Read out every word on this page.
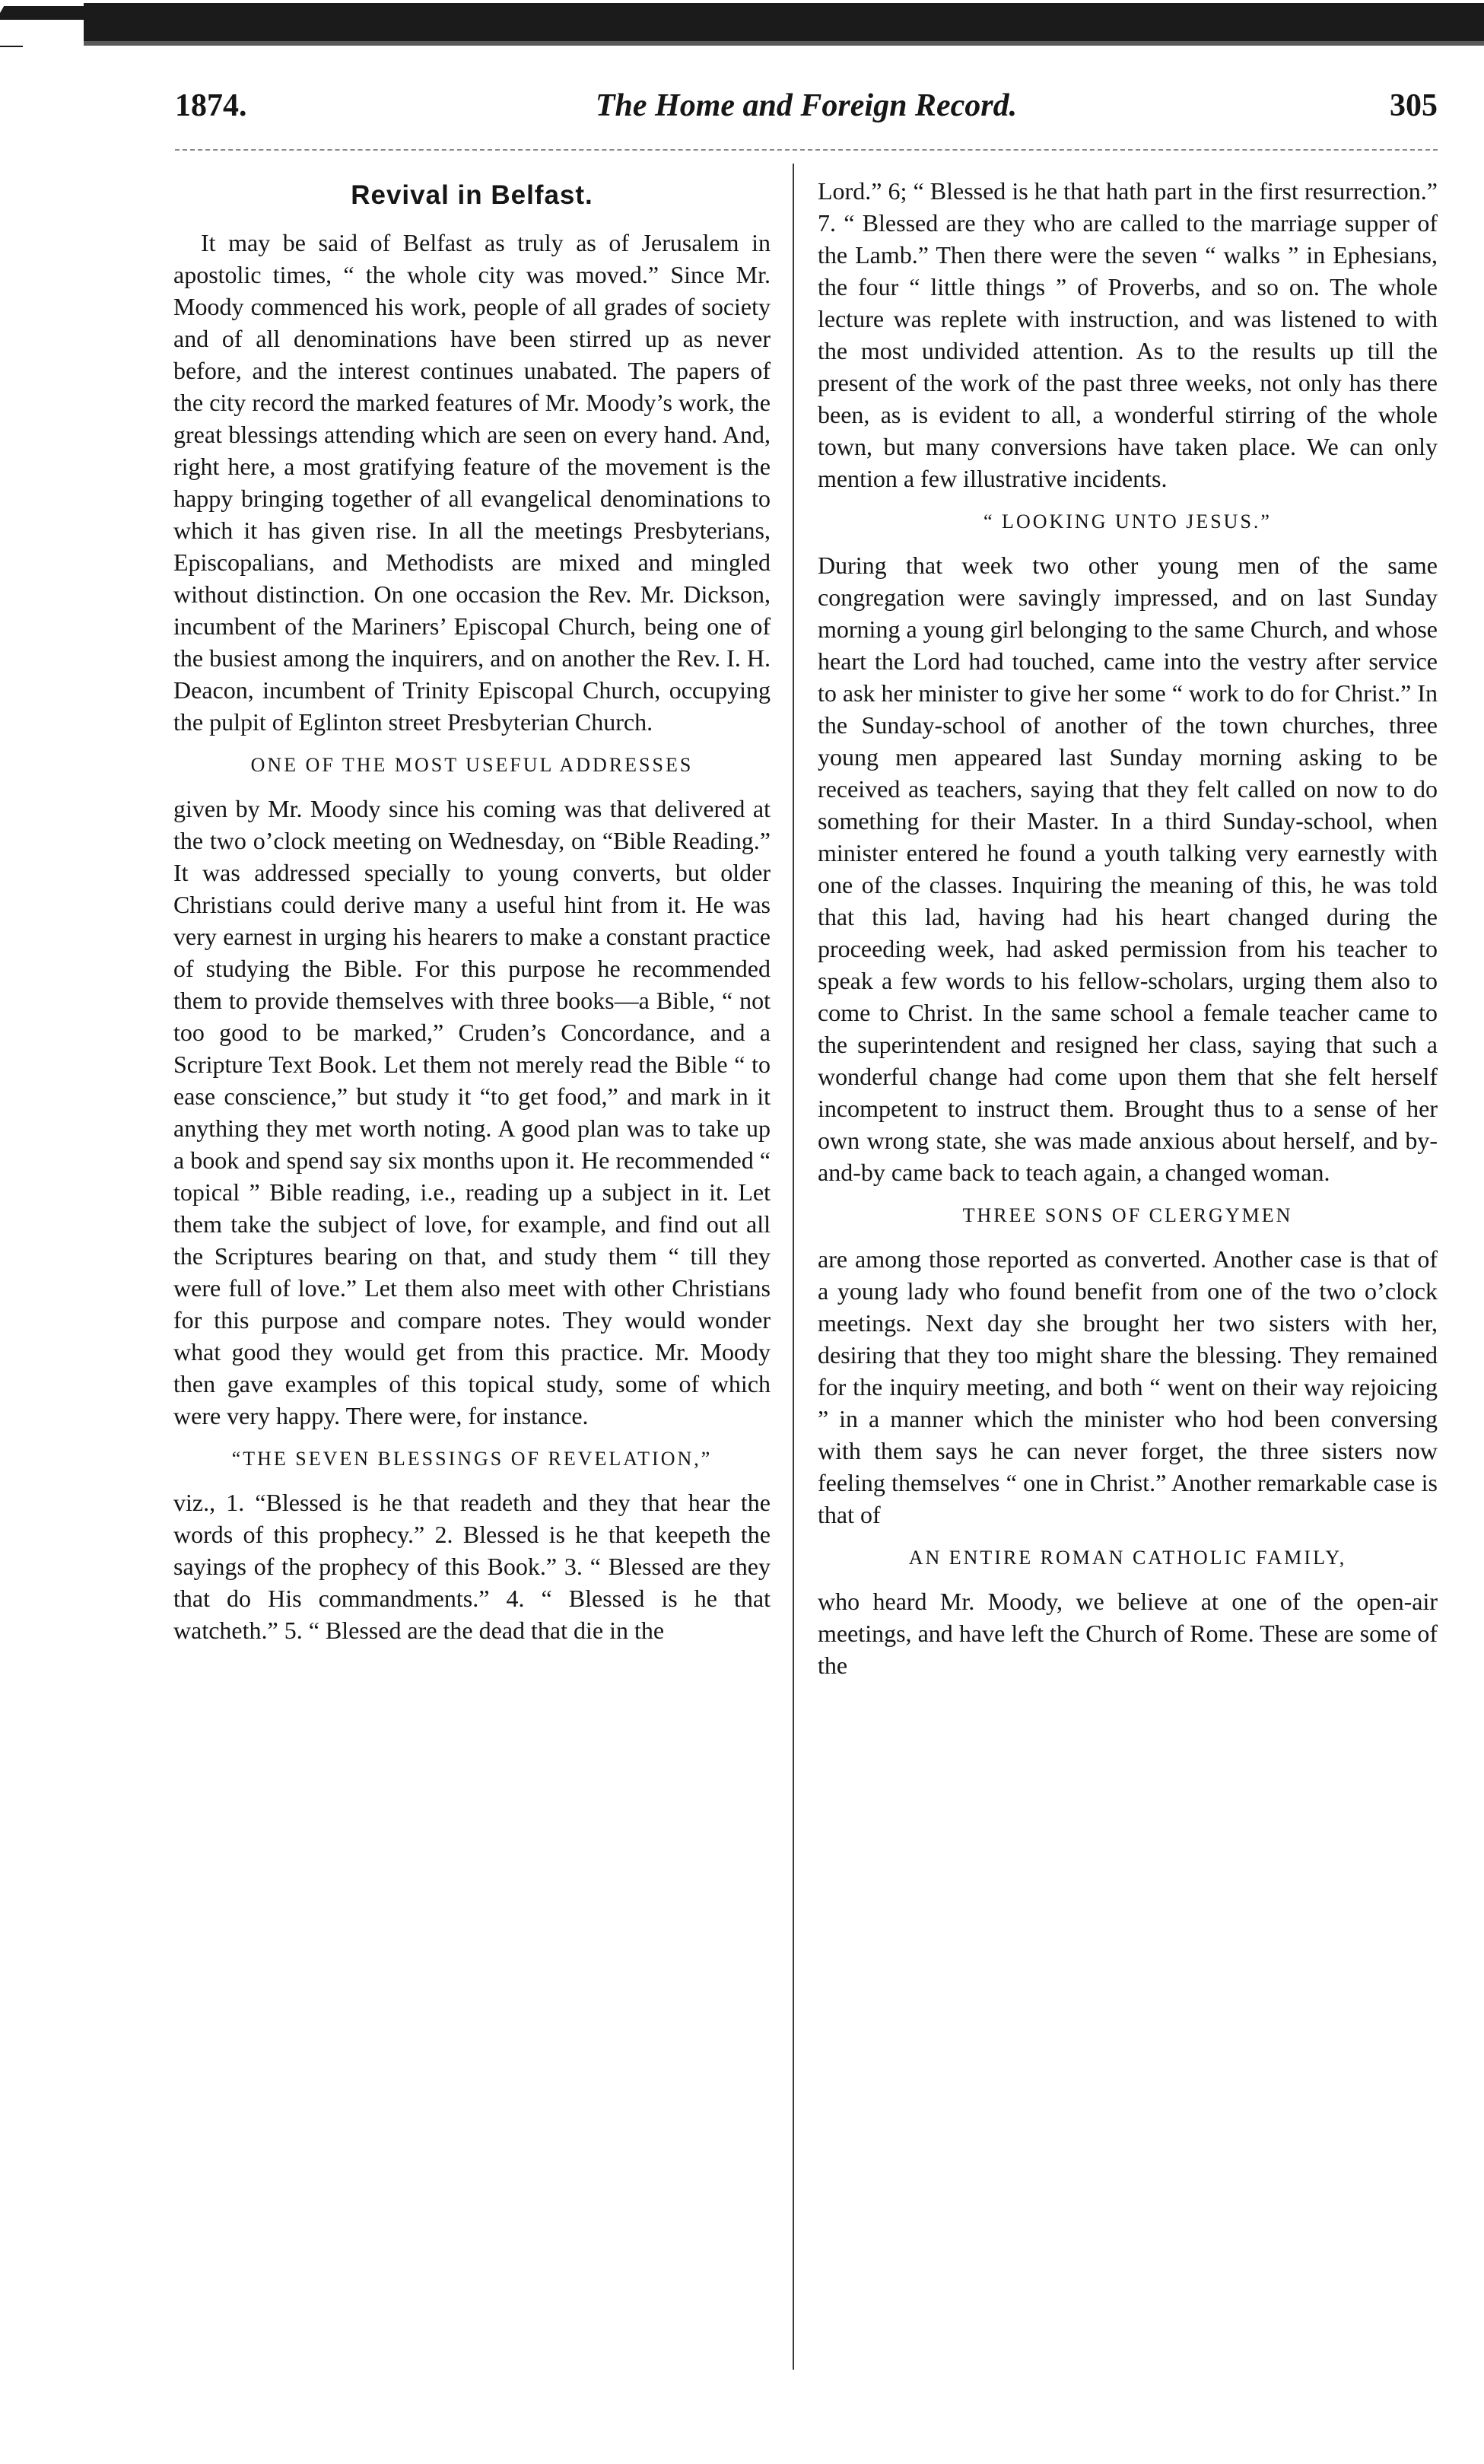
1874.	The Home and Foreign Record.	305
Revival in Belfast.

It may be said of Belfast as truly as of Jerusalem in apostolic times, “ the whole city was moved.” Since Mr. Moody commenced his work, people of all grades of society and of all denominations have been stirred up as never before, and the interest continues unabated. The papers of the city record the marked features of Mr. Moody’s work, the great blessings attending which are seen on every hand. And, right here, a most gratifying feature of the movement is the happy bringing together of all evangelical denominations to which it has given rise. In all the meetings Presbyterians, Episcopalians, and Methodists are mixed and mingled without distinction. On one occasion the Rev. Mr. Dickson, incumbent of the Mariners’ Episcopal Church, being one of the busiest among the inquirers, and on another the Rev. I. H. Deacon, incumbent of Trinity Episcopal Church, occupying the pulpit of Eglinton street Presbyterian Church.

ONE OF THE MOST USEFUL ADDRESSES

given by Mr. Moody since his coming was that delivered at the two o’clock meeting on Wednesday, on “Bible Reading.” It was addressed specially to young converts, but older Christians could derive many a useful hint from it. He was very earnest in urging his hearers to make a constant practice of studying the Bible. For this purpose he recommended them to provide themselves with three books—a Bible, “ not too good to be marked,” Cruden’s Concordance, and a Scripture Text Book. Let them not merely read the Bible “ to ease conscience,” but study it “to get food,” and mark in it anything they met worth noting. A good plan was to take up a book and spend say six months upon it. He recommended “ topical ” Bible reading, i.e., reading up a subject in it. Let them take the subject of love, for example, and find out all the Scriptures bearing on that, and study them “ till they were full of love.” Let them also meet with other Christians for this purpose and compare notes. They would wonder what good they would get from this practice. Mr. Moody then gave examples of this topical study, some of which were very happy. There were, for instance.

“THE SEVEN BLESSINGS OF REVELATION,”

viz., 1. “Blessed is he that readeth and they that hear the words of this prophecy.” 2. Blessed is he that keepeth the sayings of the prophecy of this Book.” 3. “ Blessed are they that do His commandments.” 4. “ Blessed is he that watcheth.” 5. “ Blessed are the dead that die in the

Lord.” 6; “ Blessed is he that hath part in the first resurrection.” 7. “ Blessed are they who are called to the marriage supper of the Lamb.” Then there were the seven “ walks ” in Ephesians, the four “ little things ” of Proverbs, and so on. The whole lecture was replete with instruction, and was listened to with the most undivided attention. As to the results up till the present of the work of the past three weeks, not only has there been, as is evident to all, a wonderful stirring of the whole town, but many conversions have taken place. We can only mention a few illustrative incidents.

“ LOOKING UNTO JESUS.”

During that week two other young men of the same congregation were savingly impressed, and on last Sunday morning a young girl belonging to the same Church, and whose heart the Lord had touched, came into the vestry after service to ask her minister to give her some “ work to do for Christ.” In the Sunday-school of another of the town churches, three young men appeared last Sunday morning asking to be received as teachers, saying that they felt called on now to do something for their Master. In a third Sunday-school, when minister entered he found a youth talking very earnestly with one of the classes. Inquiring the meaning of this, he was told that this lad, having had his heart changed during the proceeding week, had asked permission from his teacher to speak a few words to his fellow-scholars, urging them also to come to Christ. In the same school a female teacher came to the superintendent and resigned her class, saying that such a wonderful change had come upon them that she felt herself incompetent to instruct them. Brought thus to a sense of her own wrong state, she was made anxious about herself, and by-and-by came back to teach again, a changed woman.

THREE SONS OF CLERGYMEN

are among those reported as converted. Another case is that of a young lady who found benefit from one of the two o’clock meetings. Next day she brought her two sisters with her, desiring that they too might share the blessing. They remained for the inquiry meeting, and both “ went on their way rejoicing ” in a manner which the minister who hod been conversing with them says he can never forget, the three sisters now feeling themselves “ one in Christ.” Another remarkable case is that of

AN ENTIRE ROMAN CATHOLIC FAMILY,

who heard Mr. Moody, we believe at one of the open-air meetings, and have left the Church of Rome. These are some of the
